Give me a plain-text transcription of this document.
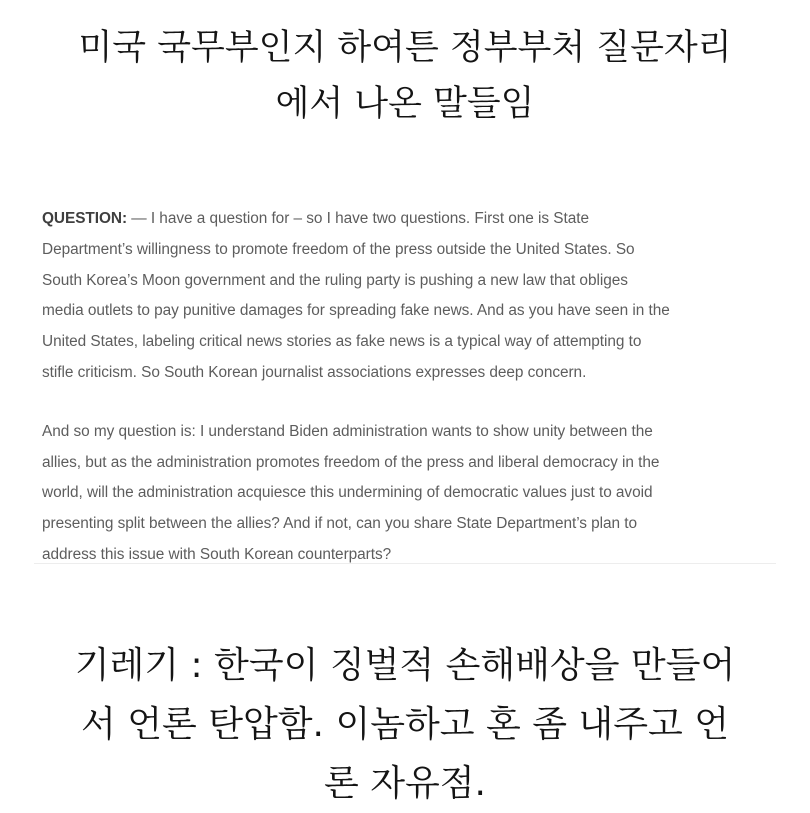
미국 국무부인지 하여튼 정부부처 질문자리
에서 나온 말들임

QUESTION: — I have a question for – so I have two questions. First one is State

Department’s willingness to promote freedom of the press outside the United States. So

South Korea’s Moon government and the ruling party is pushing a new law that obliges

media outlets to pay punitive damages for spreading fake news. And as you have seen in the

United States, labeling critical news stories as fake news is a typical way of attempting to

stifle criticism. So South Korean journalist associations expresses deep concern.

And so my question is: I understand Biden administration wants to show unity between the

allies, but as the administration promotes freedom of the press and liberal democracy in the

world, will the administration acquiesce this undermining of democratic values just to avoid

presenting split between the allies? And if not, can you share State Department’s plan to

address this issue with South Korean counterparts?

기레기 : 한국이 징벌적 손해배상을 만들어
서 언론 탄압함. 이놈하고 혼 좀 내주고 언
론 자유점.
